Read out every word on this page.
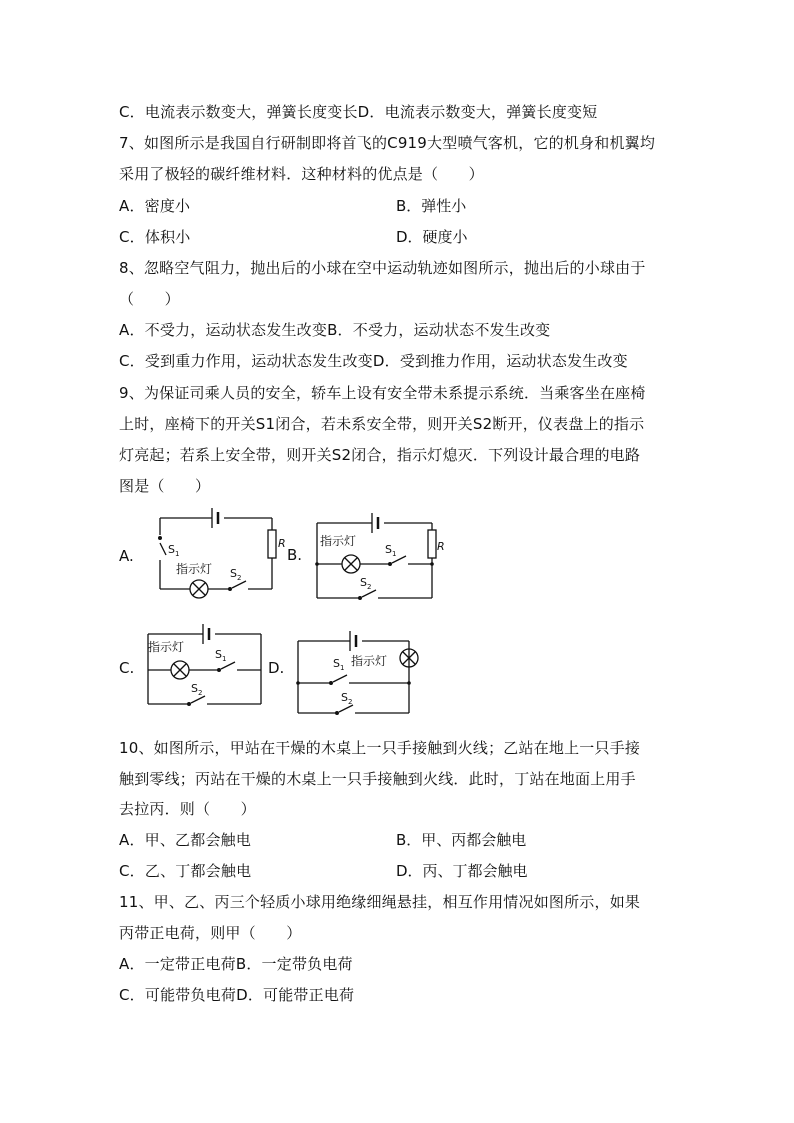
C．电流表示数变大，弹簧长度变长D．电流表示数变大，弹簧长度变短
7、如图所示是我国自行研制即将首飞的C919大型喷气客机，它的机身和机翼均
采用了极轻的碳纤维材料．这种材料的优点是（　　）
A．密度小	B．弹性小
C．体积小	D．硬度小
8、忽略空气阻力，抛出后的小球在空中运动轨迹如图所示，抛出后的小球由于
（　　）
A．不受力，运动状态发生改变B．不受力，运动状态不发生改变
C．受到重力作用，运动状态发生改变D．受到推力作用，运动状态发生改变
9、为保证司乘人员的安全，轿车上设有安全带未系提示系统．当乘客坐在座椅
上时，座椅下的开关S1闭合，若未系安全带，则开关S2断开，仪表盘上的指示
灯亮起；若系上安全带，则开关S2闭合，指示灯熄灭．下列设计最合理的电路
图是（　　）
A.	B.
C.	D.
$S_1$
指示灯 $S_2$
R	指示灯
$S_1$
$S_2$
R
指示灯
$S_1$
$S_2$
$S_1$ 指示灯
$S_2$
10、如图所示，甲站在干燥的木桌上一只手接触到火线；乙站在地上一只手接
触到零线；丙站在干燥的木桌上一只手接触到火线．此时，丁站在地面上用手
去拉丙．则（　　）
A．甲、乙都会触电	B．甲、丙都会触电
C．乙、丁都会触电	D．丙、丁都会触电
11、甲、乙、丙三个轻质小球用绝缘细绳悬挂，相互作用情况如图所示，如果
丙带正电荷，则甲（　　）
A．一定带正电荷B．一定带负电荷
C．可能带负电荷D．可能带正电荷
